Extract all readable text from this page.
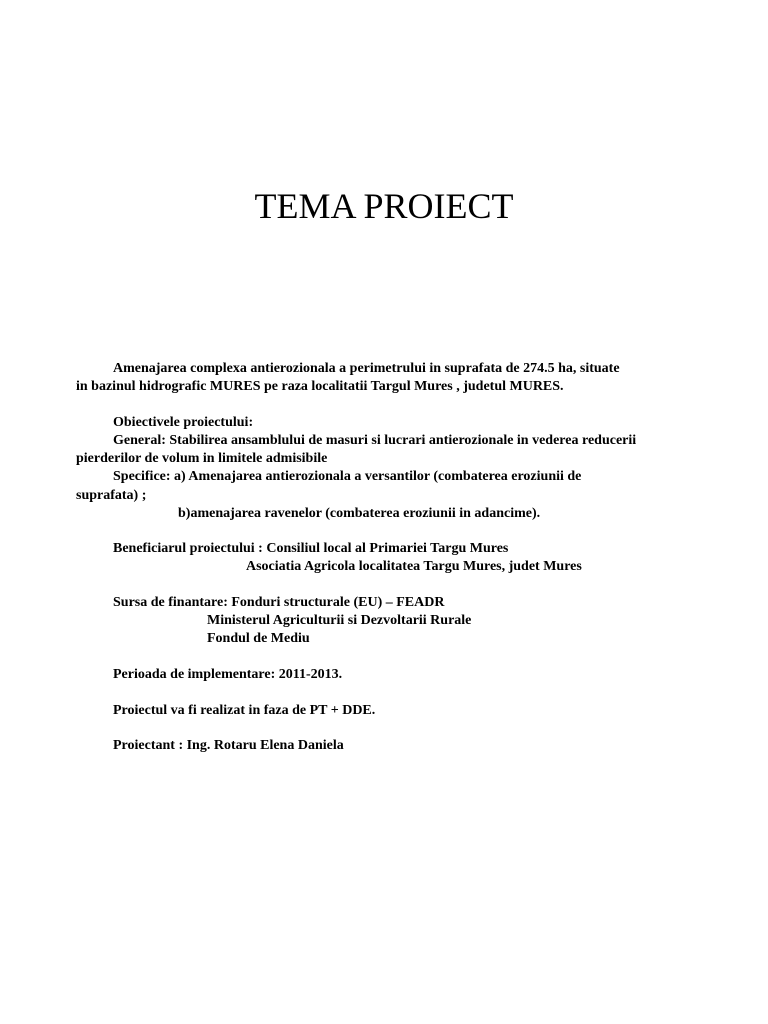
TEMA PROIECT
Amenajarea complexa antierozionala a perimetrului in suprafata de 274.5 ha, situate
in bazinul hidrografic MURES pe raza localitatii Targul Mures , judetul MURES.
Obiectivele proiectului:
General: Stabilirea ansamblului de masuri si lucrari antierozionale in vederea reducerii
pierderilor de volum in limitele admisibile
Specifice: a) Amenajarea antierozionala a versantilor (combaterea eroziunii de
suprafata) ;
b)amenajarea ravenelor (combaterea eroziunii in adancime).
Beneficiarul proiectului : Consiliul local al Primariei Targu Mures
Asociatia Agricola localitatea Targu Mures, judet Mures
Sursa de finantare: Fonduri structurale (EU) – FEADR
Ministerul Agriculturii si Dezvoltarii Rurale
Fondul de Mediu
Perioada de implementare: 2011-2013.
Proiectul va fi realizat in faza de PT + DDE.
Proiectant : Ing. Rotaru Elena Daniela
